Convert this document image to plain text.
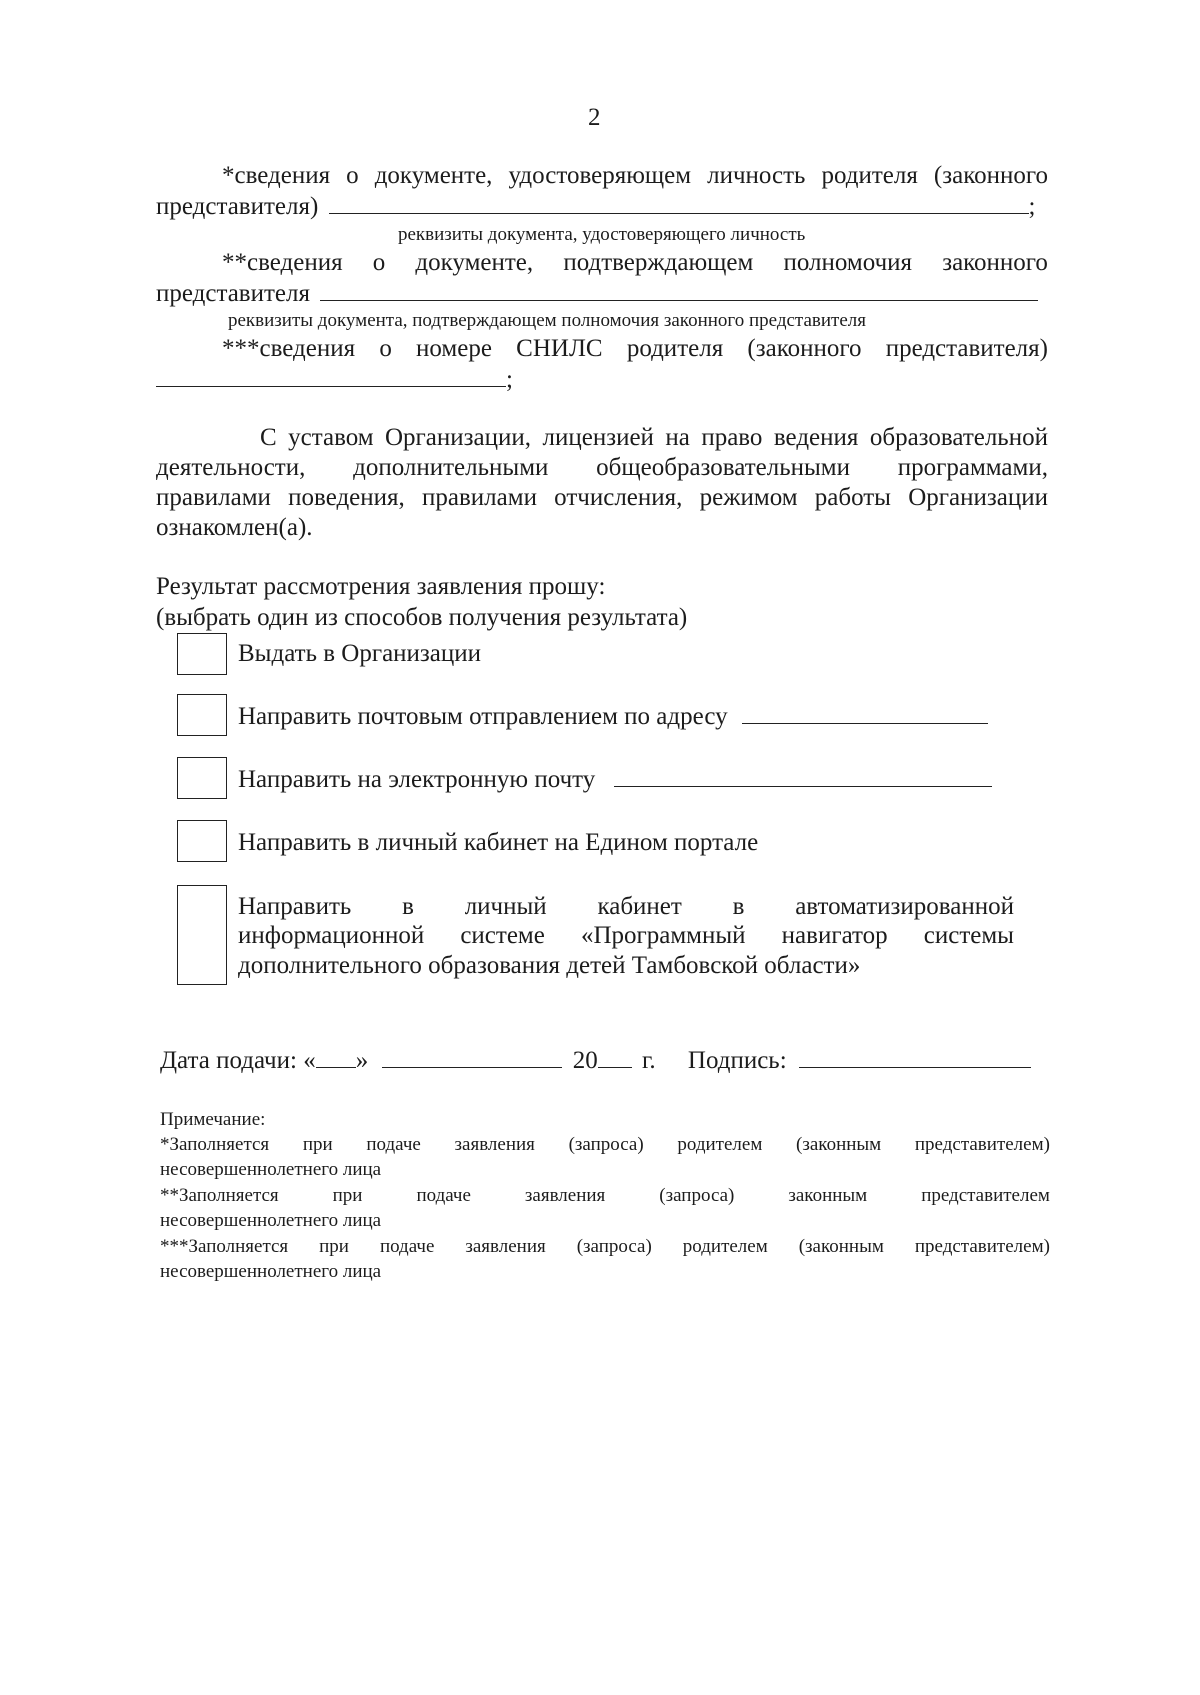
2
*сведения о документе, удостоверяющем личность родителя (законного
представителя)	;
реквизиты документа, удостоверяющего личность
**сведения о документе, подтверждающем полномочия законного
представителя
реквизиты документа, подтверждающем полномочия законного представителя
***сведения о номере СНИЛС родителя (законного представителя)
;
С уставом Организации, лицензией на право ведения образовательной
деятельности, дополнительными общеобразовательными программами,
правилами поведения, правилами отчисления, режимом работы Организации
ознакомлен(а).
Результат рассмотрения заявления прошу:
(выбрать один из способов получения результата)
Выдать в Организации
Направить почтовым отправлением по адресу
Направить на электронную почту
Направить в личный кабинет на Едином портале
Направить в личный кабинет в автоматизированной
информационной системе «Программный навигатор системы
дополнительного образования детей Тамбовской области»
Дата подачи: « »	20 г. Подпись:
Примечание:
*Заполняется при подаче заявления (запроса) родителем (законным представителем)
несовершеннолетнего лица
**Заполняется	при	подаче	заявления	(запроса)	законным	представителем
несовершеннолетнего лица
***Заполняется при подаче заявления (запроса) родителем (законным представителем)
несовершеннолетнего лица
